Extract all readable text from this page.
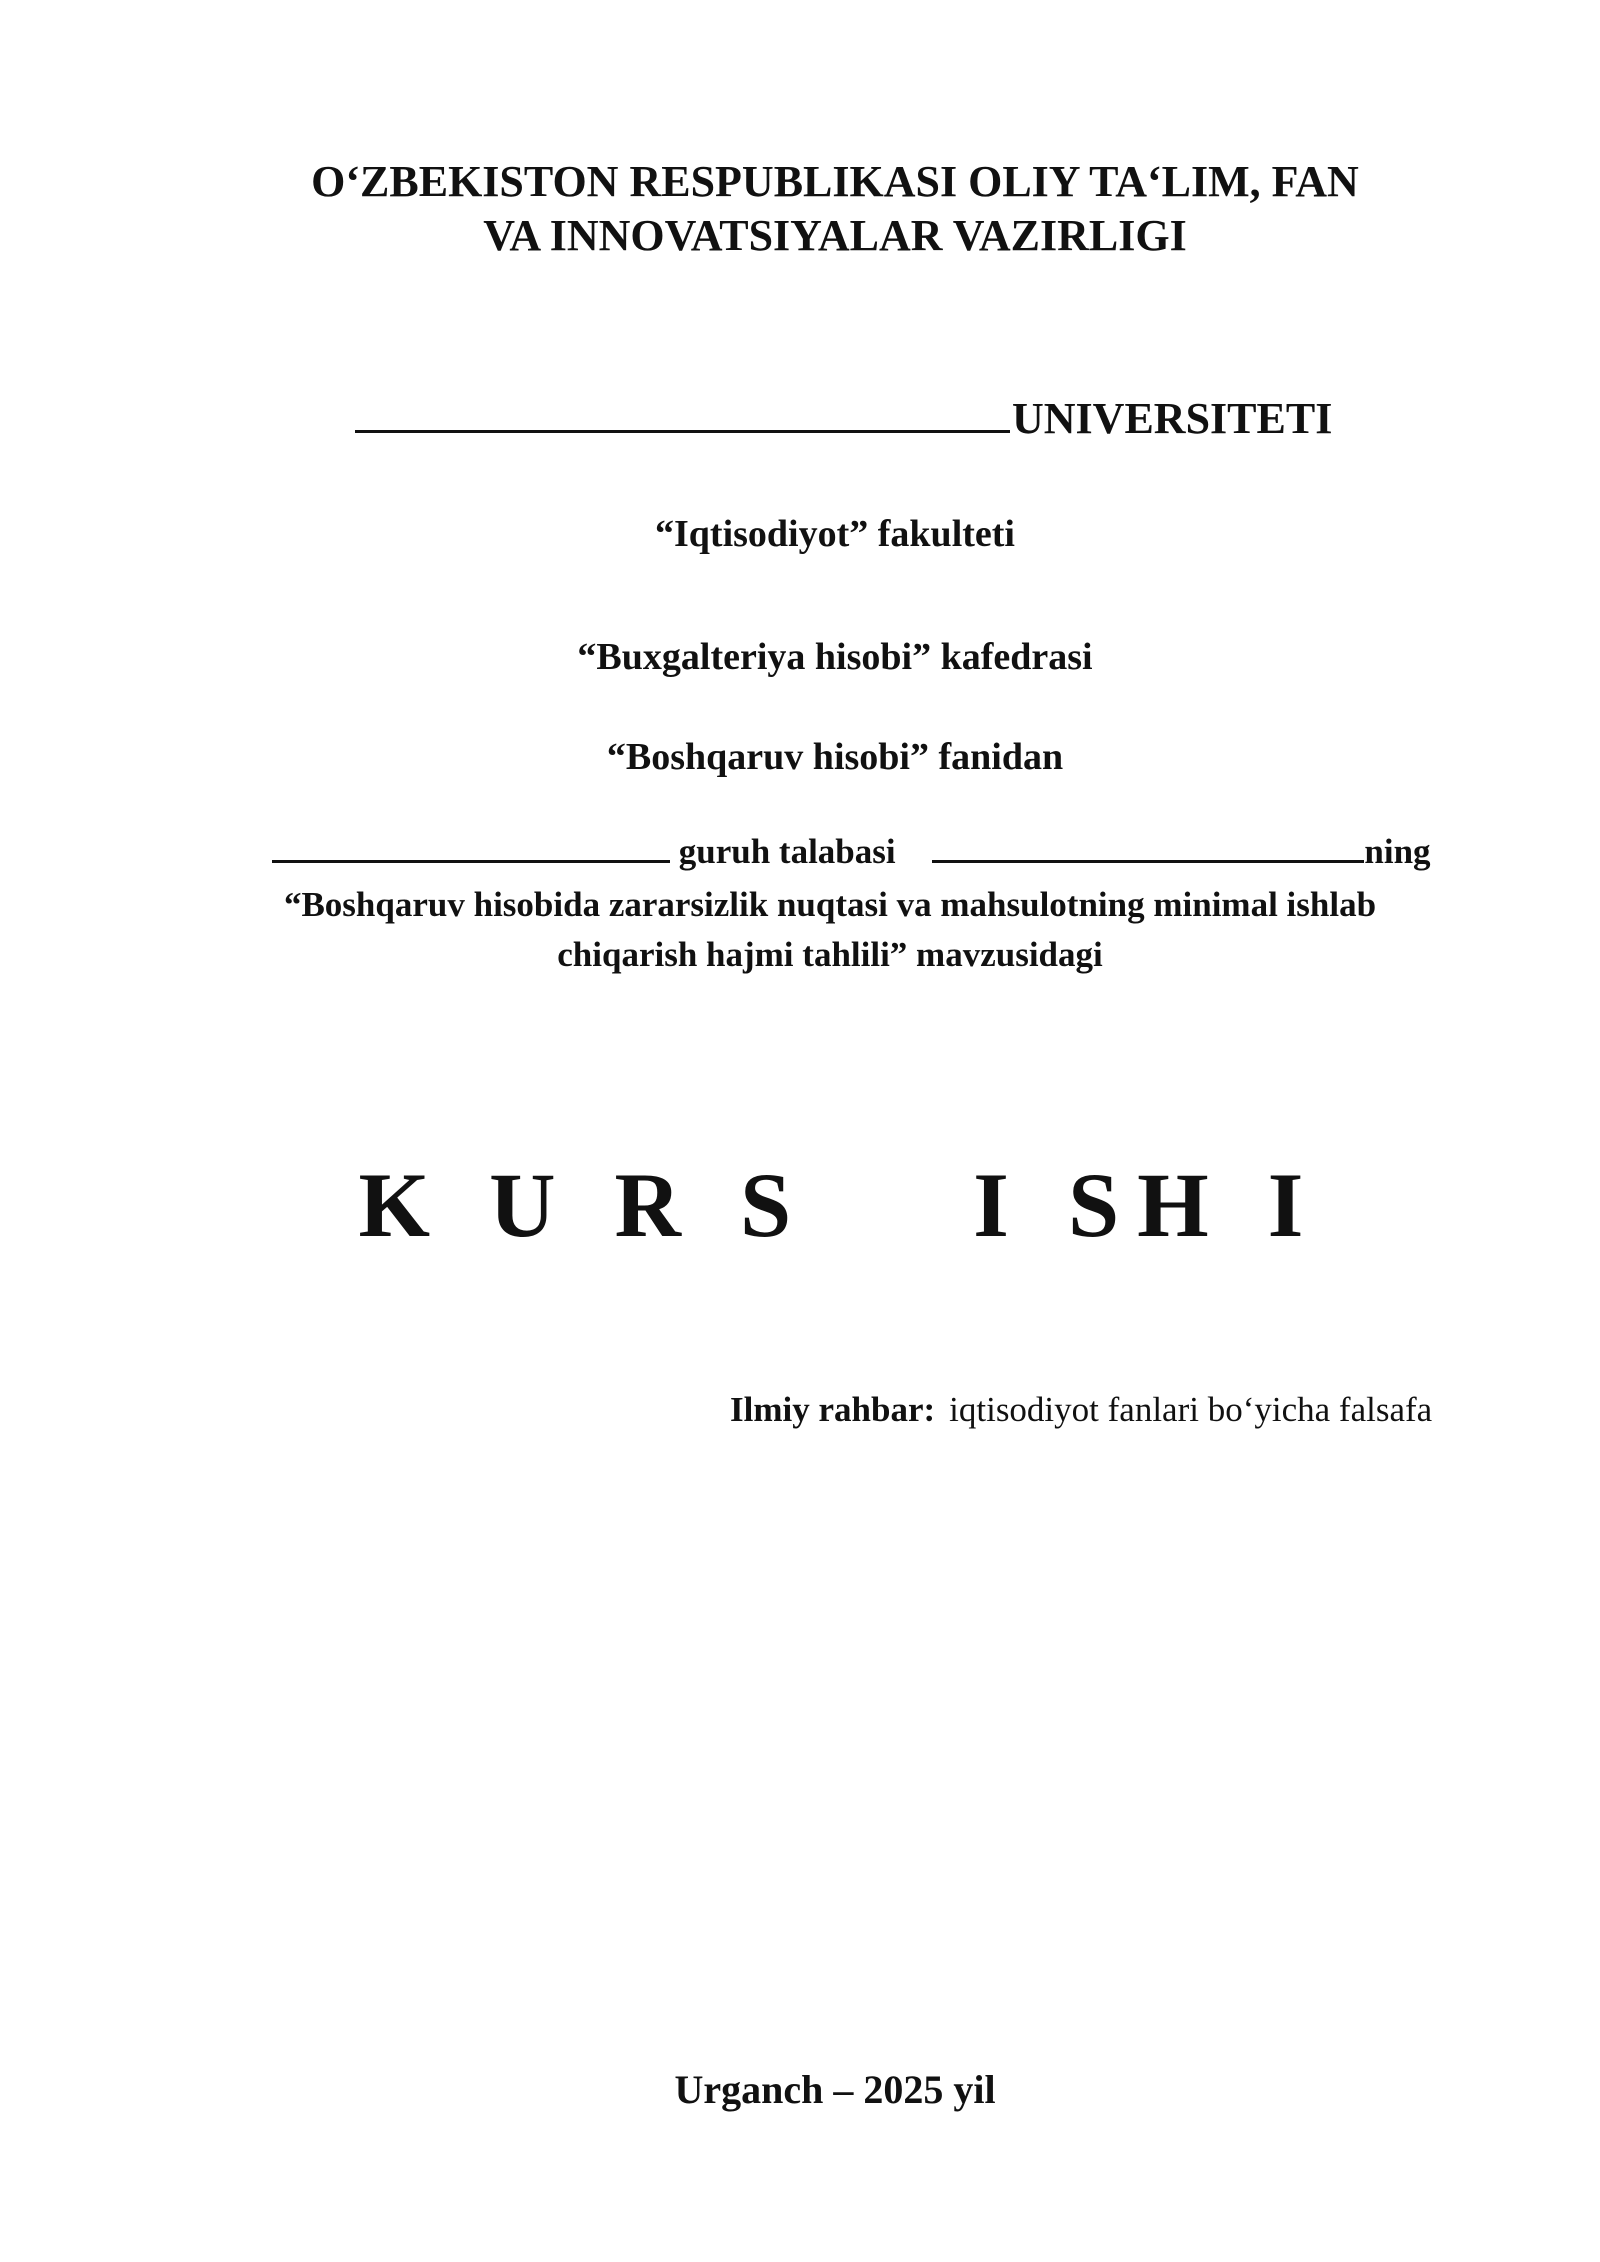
O‘ZBEKISTON RESPUBLIKASI OLIY TA‘LIM, FAN
VA INNOVATSIYALAR VAZIRLIGI
UNIVERSITETI
“Iqtisodiyot” fakulteti
“Buxgalteriya hisobi” kafedrasi
“Boshqaruv hisobi” fanidan
guruh talabasi	ning
“Boshqaruv hisobida zararsizlik nuqtasi va mahsulotning minimal ishlab
chiqarish hajmi tahlili” mavzusidagi
K U R S    I SH I
Ilmiy rahbar: iqtisodiyot fanlari bo‘yicha falsafa
Urganch – 2025 yil
